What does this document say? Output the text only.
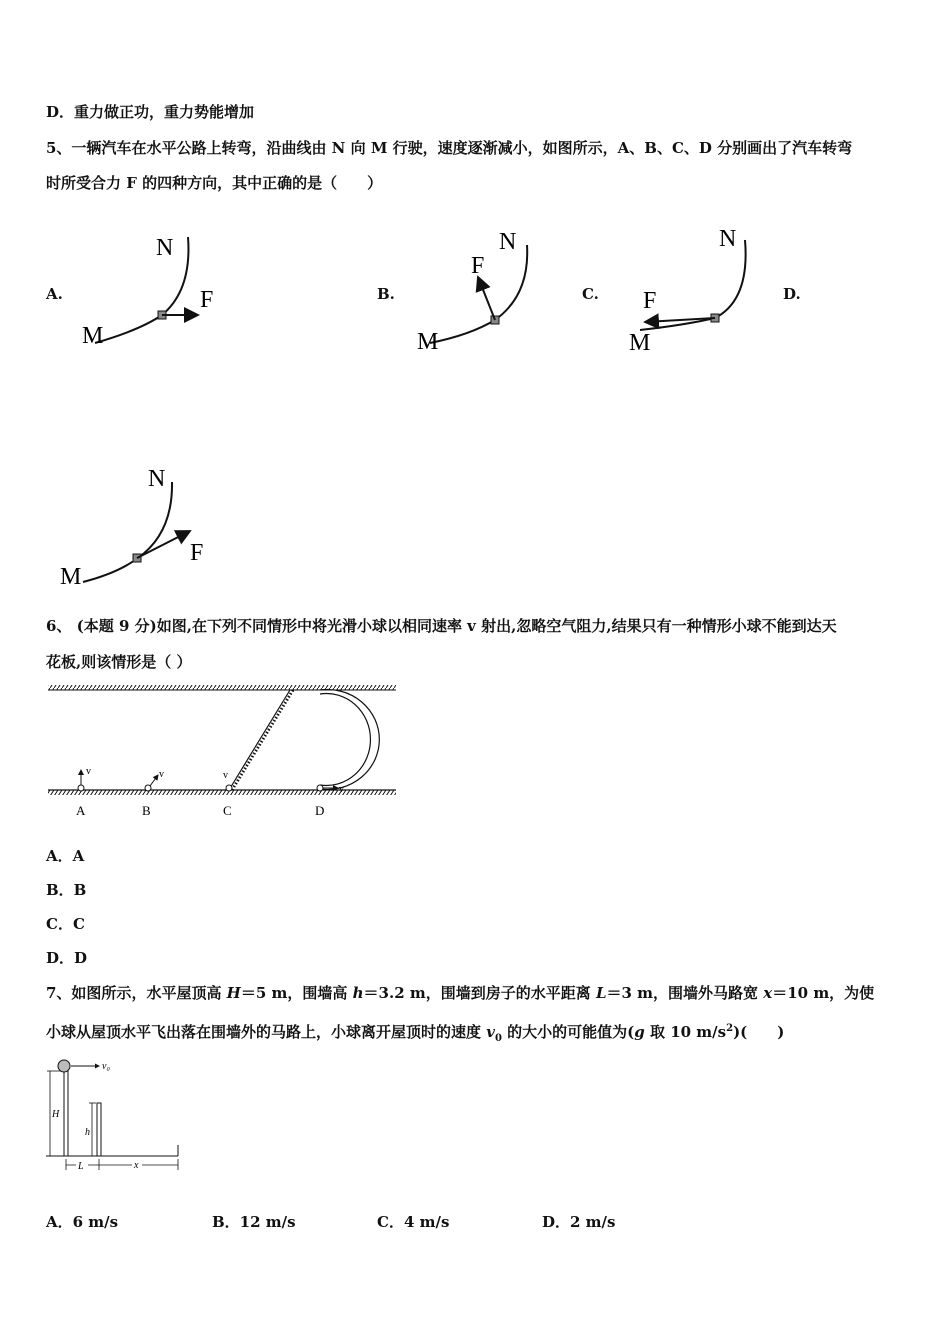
D．重力做正功，重力势能增加
5、一辆汽车在水平公路上转弯，沿曲线由 N 向 M 行驶，速度逐渐减小，如图所示，A、B、C、D 分别画出了汽车转弯
时所受合力 F 的四种方向，其中正确的是（　　）
A.	B.	C.	D.
N
M
F
N
M
F
N
M
F
N
M
F
6、 (本题 9 分)如图,在下列不同情形中将光滑小球以相同速率 v 射出,忽略空气阻力,结果只有一种情形小球不能到达天
花板,则该情形是（ ）
v	v	v
v
A	B	C	D
A．A
B．B
C．C
D．D
7、如图所示，水平屋顶高 H＝5 m，围墙高 h＝3.2 m，围墙到房子的水平距离 L＝3 m，围墙外马路宽 x＝10 m，为使
小球从屋顶水平飞出落在围墙外的马路上，小球离开屋顶时的速度 $v_0$ 的大小的可能值为(g 取 10 $m/s^2$)(　　)
v₀
H
h
L	x
A．6 m/s	B．12 m/s	C．4 m/s	D．2 m/s
